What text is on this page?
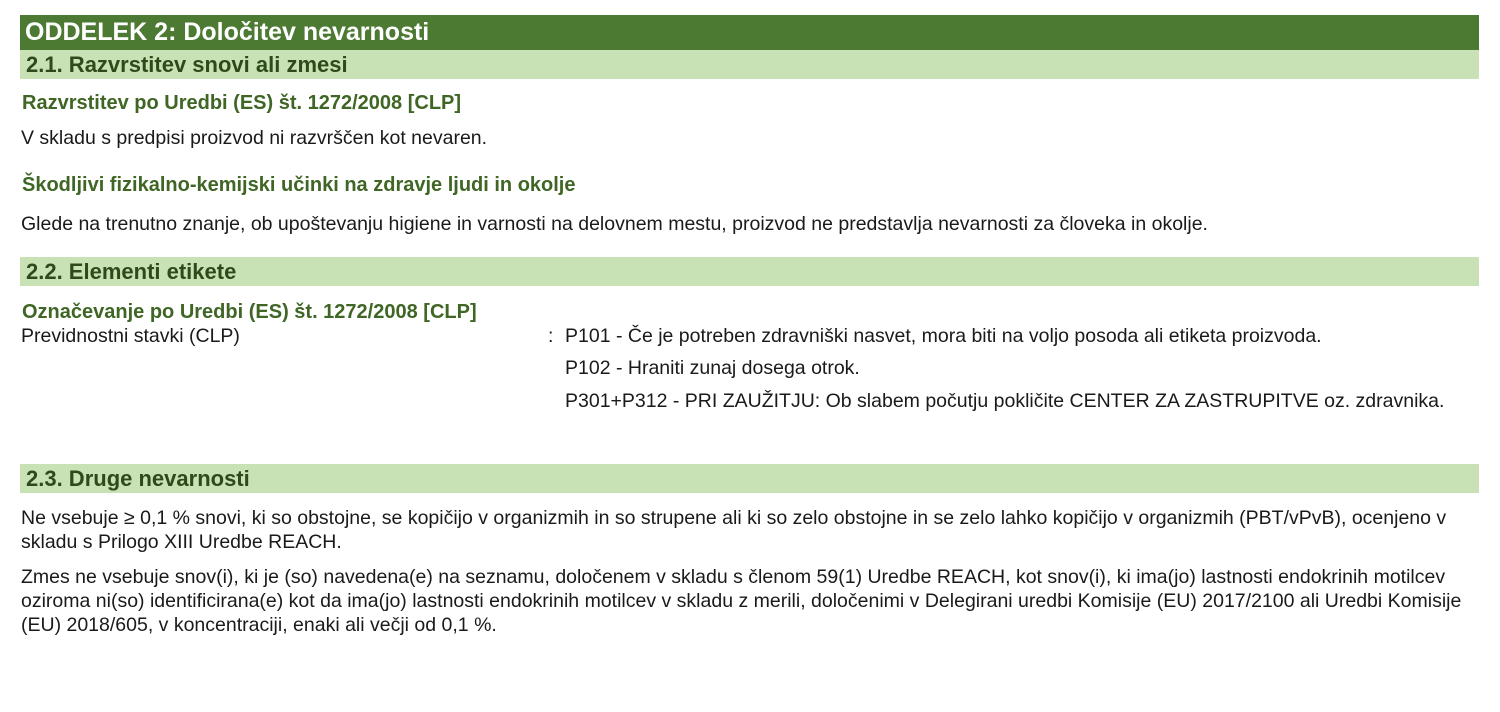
ODDELEK 2: Določitev nevarnosti
2.1. Razvrstitev snovi ali zmesi

Razvrstitev po Uredbi (ES) št. 1272/2008 [CLP]

V skladu s predpisi proizvod ni razvrščen kot nevaren.

Škodljivi fizikalno-kemijski učinki na zdravje ljudi in okolje

Glede na trenutno znanje, ob upoštevanju higiene in varnosti na delovnem mestu, proizvod ne predstavlja nevarnosti za človeka in okolje.

2.2. Elementi etikete

Označevanje po Uredbi (ES) št. 1272/2008 [CLP]

Previdnostni stavki (CLP)	: P101 - Če je potreben zdravniški nasvet, mora biti na voljo posoda ali etiketa proizvoda.

P102 - Hraniti zunaj dosega otrok.

P301+P312 - PRI ZAUŽITJU: Ob slabem počutju pokličite CENTER ZA ZASTRUPITVE oz. zdravnika.

2.3. Druge nevarnosti

Ne vsebuje ≥ 0,1 % snovi, ki so obstojne, se kopičijo v organizmih in so strupene ali ki so zelo obstojne in se zelo lahko kopičijo v organizmih (PBT/vPvB), ocenjeno v skladu s Prilogo XIII Uredbe REACH.

Zmes ne vsebuje snov(i), ki je (so) navedena(e) na seznamu, določenem v skladu s členom 59(1) Uredbe REACH, kot snov(i), ki ima(jo) lastnosti endokrinih motilcev oziroma ni(so) identificirana(e) kot da ima(jo) lastnosti endokrinih motilcev v skladu z merili, določenimi v Delegirani uredbi Komisije (EU) 2017/2100 ali Uredbi Komisije (EU) 2018/605, v koncentraciji, enaki ali večji od 0,1 %.
